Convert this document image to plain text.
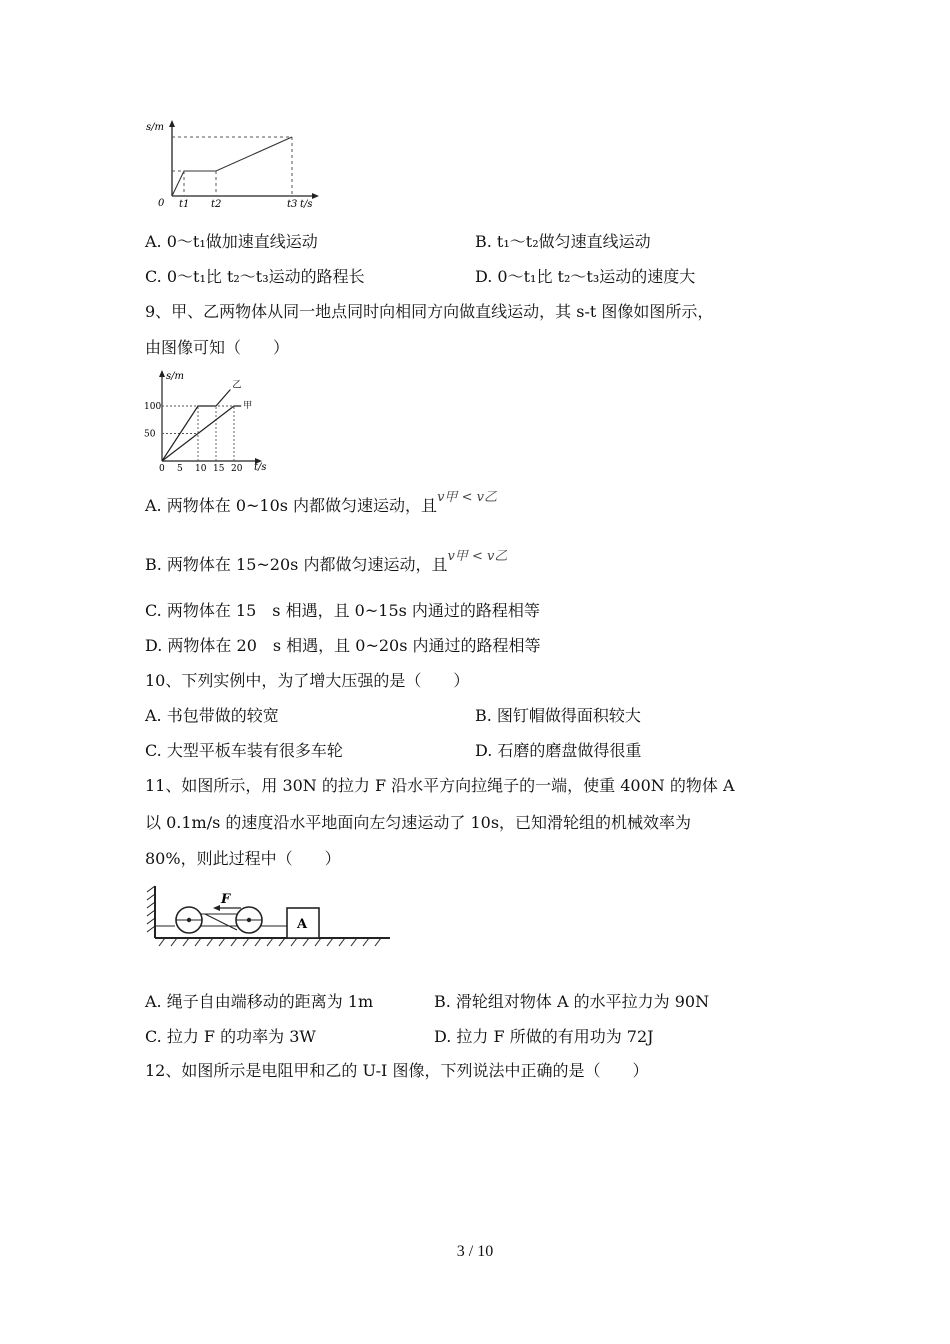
s/m
0 t1 t2	t3 t/s
A. 0～t₁做加速直线运动	B. t₁～t₂做匀速直线运动
C. 0～t₁比 t₂～t₃运动的路程长	D. 0～t₁比 t₂～t₃运动的速度大
9、甲、乙两物体从同一地点同时向相同方向做直线运动，其 s-t 图像如图所示，
由图像可知（　　）
甲
乙
100
50
0 5 10 15 20
s/m
t/s
A. 两物体在 0~10s 内都做匀速运动，且$^{v甲 < v乙}$
B. 两物体在 15~20s 内都做匀速运动，且$^{v甲 < v乙}$
C. 两物体在 15　s 相遇，且 0~15s 内通过的路程相等
D. 两物体在 20　s 相遇，且 0~20s 内通过的路程相等
10、下列实例中，为了增大压强的是（　　）
A. 书包带做的较宽	B. 图钉帽做得面积较大
C. 大型平板车装有很多车轮	D. 石磨的磨盘做得很重
11、如图所示，用 30N 的拉力 F 沿水平方向拉绳子的一端，使重 400N 的物体 A
以 0.1m/s 的速度沿水平地面向左匀速运动了 10s，已知滑轮组的机械效率为
80%，则此过程中（　　）
F
A
A. 绳子自由端移动的距离为 1m	B. 滑轮组对物体 A 的水平拉力为 90N
C. 拉力 F 的功率为 3W	D. 拉力 F 所做的有用功为 72J
12、如图所示是电阻甲和乙的 U-I 图像，下列说法中正确的是（　　）
3 / 10
